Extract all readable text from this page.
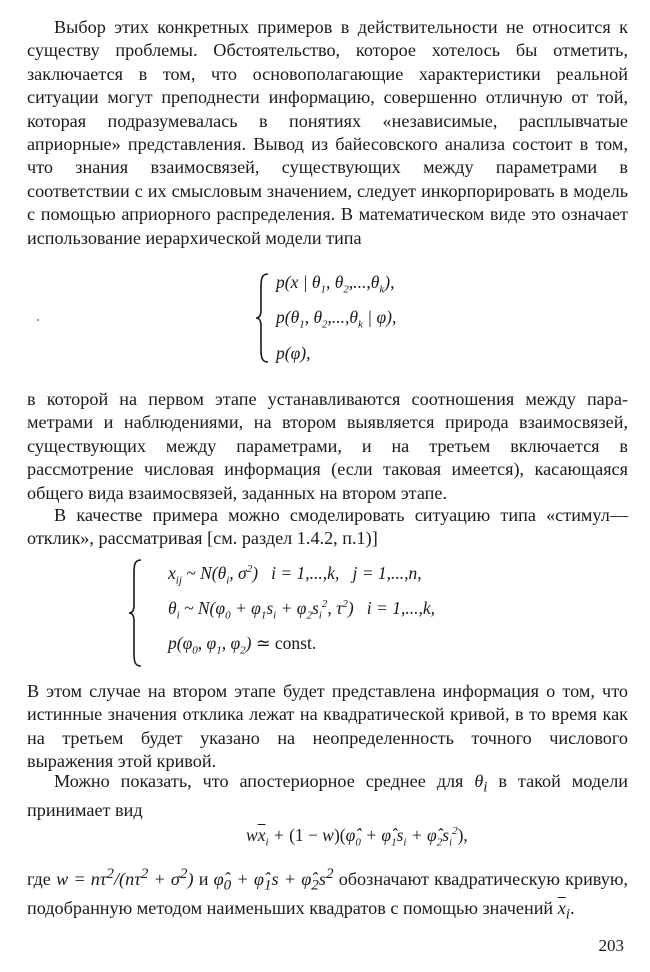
Выбор этих конкретных примеров в действительности не относится к существу проблемы. Обстоятельство, которое хотелось бы отметить, заключается в том, что основополагающие характеристики реальной ситуации могут преподнести информацию, совершенно отличную от той, которая подразумевалась в понятиях «независимые, расплывчатые априорные» представления. Вывод из байесовского анализа состоит в том, что знания взаимосвязей, существующих между параметрами в соответствии с их смысловым значением, следует инкорпорировать в модель с помощью априорного распределения. В математическом виде это означает использование иерархической модели типа
p(x | $\theta_1$, $\theta_2,...,\theta_k$),
$p(\theta_1$, $\theta_2,...,\theta_k$ | φ),
p(φ),
в которой на первом этапе устанавливаются соотношения между параметрами и наблюдениями, на втором выявляется природа взаимосвязей, существующих между параметрами, и на третьем включается в рассмотрение числовая информация (если таковая имеется), касающаяся общего вида взаимосвязей, заданных на втором этапе.
В качестве примера можно смоделировать ситуацию типа «стимул—отклик», рассматривая [см. раздел 1.4.2, п.1)]
$x_{ij}$ ~ $N(\theta_i$, $\sigma^2$)   i = 1,...,k,   j = 1,...,n,
$\theta_i$ ~ $N(\varphi_0 + \varphi_1s_i + \varphi_2s_i^2$, $\tau^2$)   i = 1,...,k,
$p(\varphi_0$, $\varphi_1$, $\varphi_2$) ≃ const.
В этом случае на втором этапе будет представлена информация о том, что истинные значения отклика лежат на квадратической кривой, в то время как на третьем будет указано на неопределенность точного числового выражения этой кривой.
Можно показать, что апостериорное среднее для $\theta_i$ в такой модели принимает вид
$w\overline{x}_i + (1$ − $w)(\varphî_0$ + $\varphî_1s_i$ + $\varphî_2s_i^2$),
где $w = n\tau^2/(n\tau^2 + \sigma^2)$ и $\varphî_0$ + $\varphî_1s$ + $\varphî_2s^2$ обозначают квадратическую кривую, подобранную методом наименьших квадратов с помощью значений $\overline{x}_i$.
203
